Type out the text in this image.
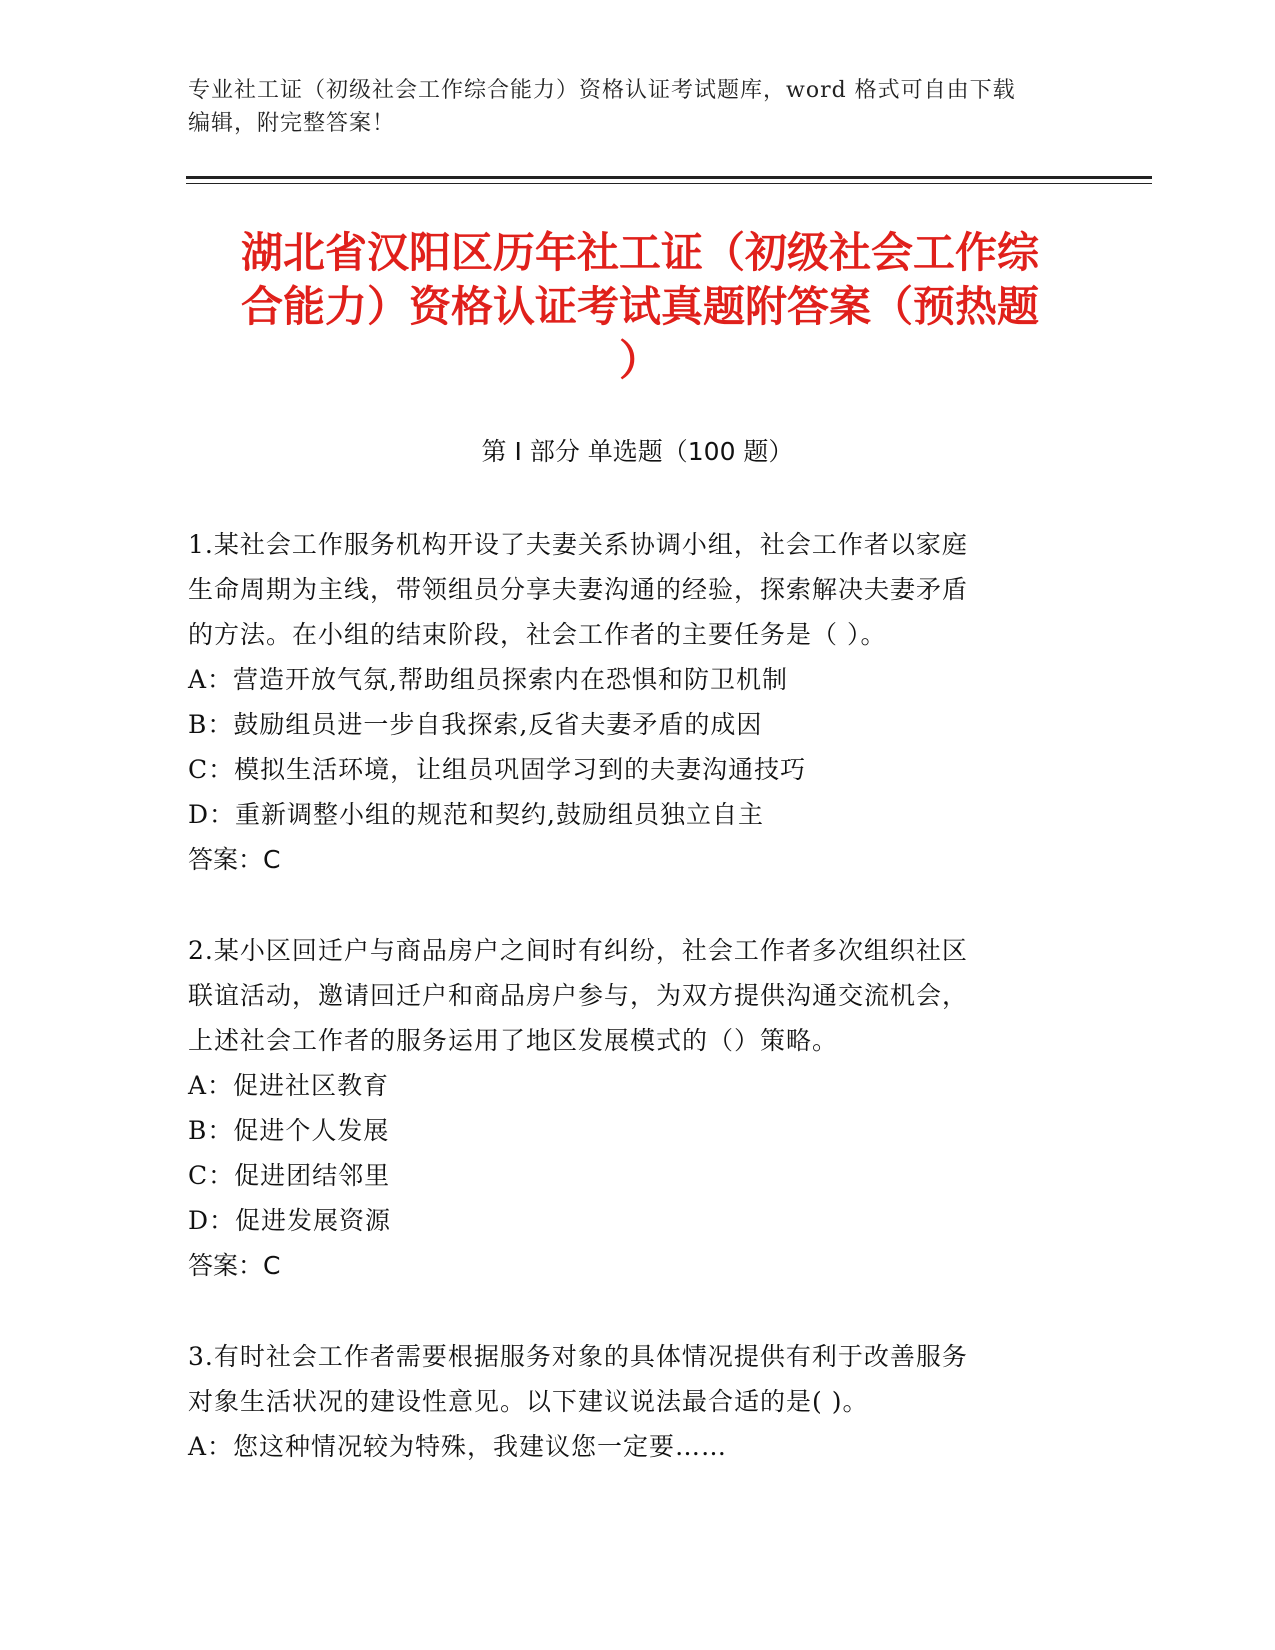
专业社工证（初级社会工作综合能力）资格认证考试题库，word 格式可自由下载
编辑，附完整答案！
湖北省汉阳区历年社工证（初级社会工作综
合能力）资格认证考试真题附答案（预热题
）
第 I 部分 单选题（100 题）
1.某社会工作服务机构开设了夫妻关系协调小组，社会工作者以家庭
生命周期为主线，带领组员分享夫妻沟通的经验，探索解决夫妻矛盾
的方法。在小组的结束阶段，社会工作者的主要任务是（ ）。
A：营造开放气氛,帮助组员探索内在恐惧和防卫机制
B：鼓励组员进一步自我探索,反省夫妻矛盾的成因
C：模拟生活环境，让组员巩固学习到的夫妻沟通技巧
D：重新调整小组的规范和契约,鼓励组员独立自主
答案：C
2.某小区回迁户与商品房户之间时有纠纷，社会工作者多次组织社区
联谊活动，邀请回迁户和商品房户参与，为双方提供沟通交流机会，
上述社会工作者的服务运用了地区发展模式的（）策略。
A：促进社区教育
B：促进个人发展
C：促进团结邻里
D：促进发展资源
答案：C
3.有时社会工作者需要根据服务对象的具体情况提供有利于改善服务
对象生活状况的建设性意见。以下建议说法最合适的是( )。
A：您这种情况较为特殊，我建议您一定要……
